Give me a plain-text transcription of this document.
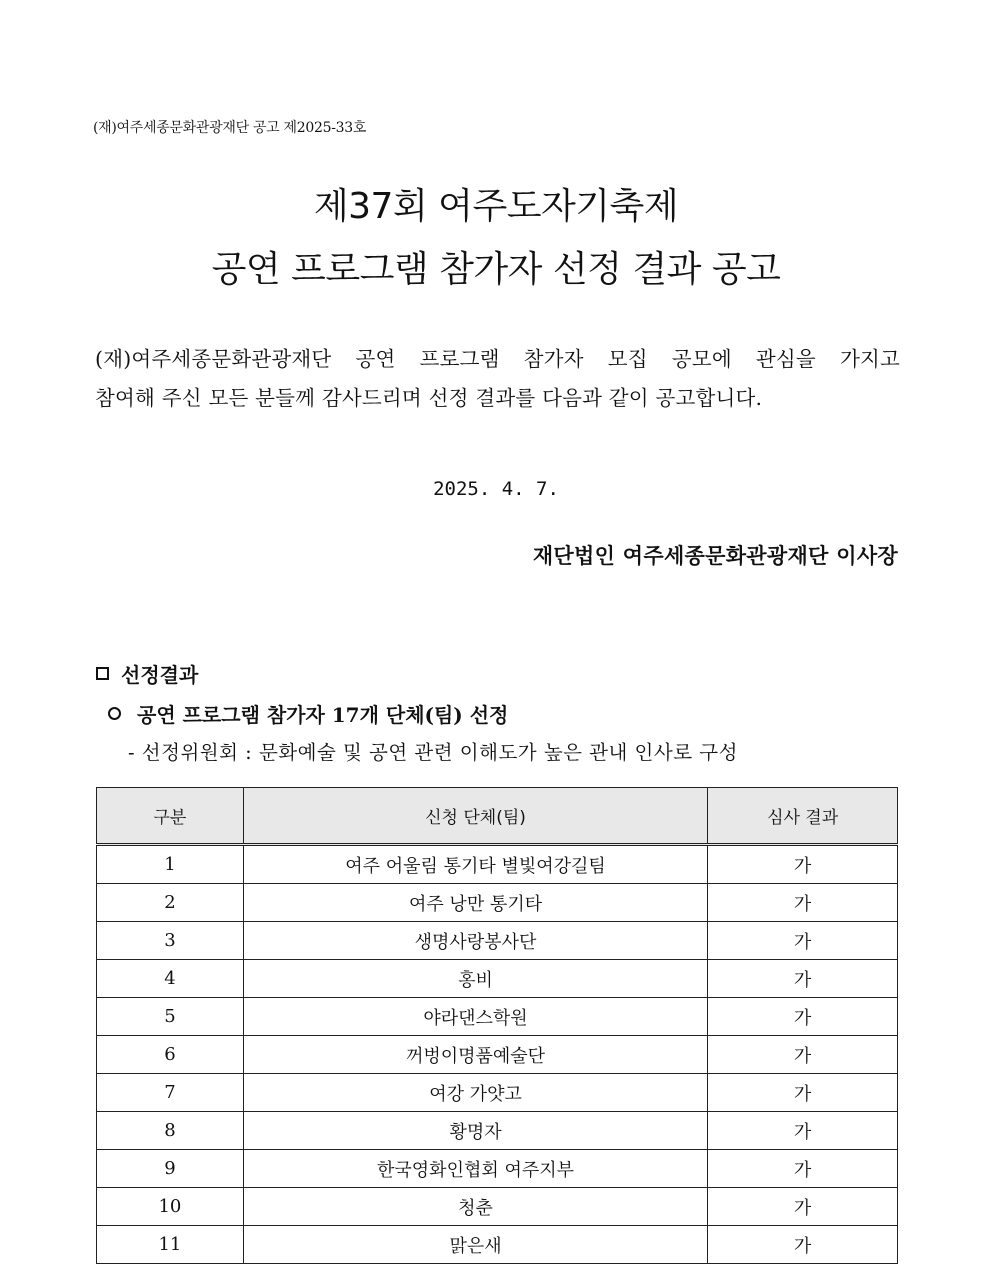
(재)여주세종문화관광재단 공고 제2025-33호
제37회 여주도자기축제
공연 프로그램 참가자 선정 결과 공고
(재)여주세종문화관광재단 공연 프로그램 참가자 모집 공모에 관심을 가지고
참여해 주신 모든 분들께 감사드리며 선정 결과를 다음과 같이 공고합니다.
2025. 4. 7.
재단법인 여주세종문화관광재단 이사장
선정결과
공연 프로그램 참가자 17개 단체(팀) 선정
- 선정위원회 : 문화예술 및 공연 관련 이해도가 높은 관내 인사로 구성
구분	신청 단체(팀)	심사 결과
1	여주 어울림 통기타 별빛여강길팀	가
2	여주 낭만 통기타	가
3	생명사랑봉사단	가
4	홍비	가
5	야라댄스학원	가
6	꺼벙이명품예술단	가
7	여강 가얏고	가
8	황명자	가
9	한국영화인협회 여주지부	가
10	청춘	가
11	맑은새	가
